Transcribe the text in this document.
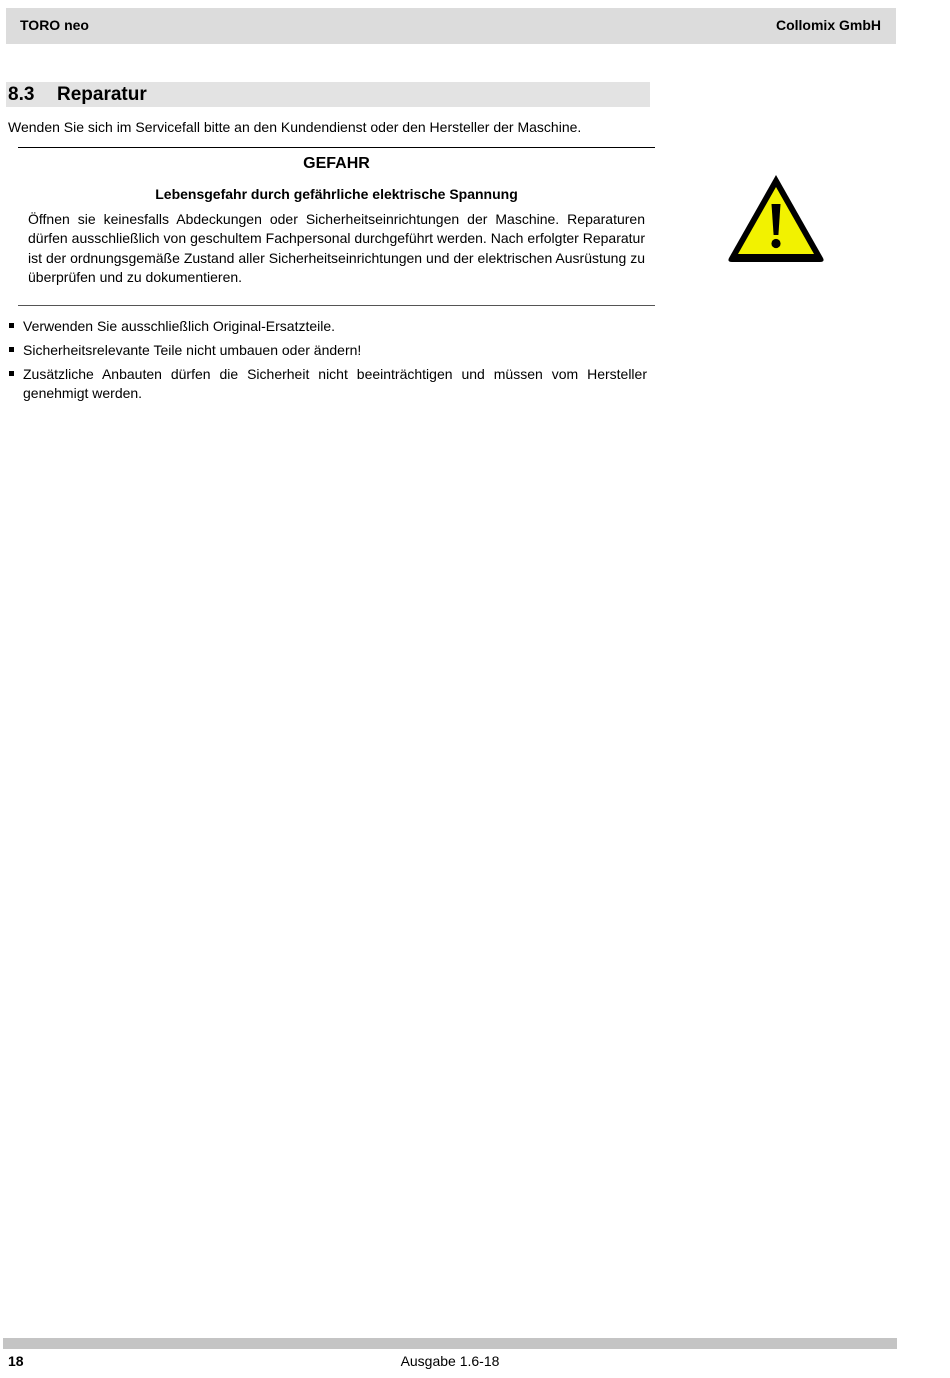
TORO neo	Collomix GmbH
8.3 Reparatur
Wenden Sie sich im Servicefall bitte an den Kundendienst oder den Hersteller der Maschine.
GEFAHR
Lebensgefahr durch gefährliche elektrische Spannung
Öffnen sie keinesfalls Abdeckungen oder Sicherheitseinrichtungen der Maschine. Reparaturen dürfen ausschließlich von geschultem Fachpersonal durchgeführt werden. Nach erfolgter Reparatur ist der ordnungsgemäße Zustand aller Sicherheitseinrichtungen und der elektrischen Ausrüstung zu überprüfen und zu dokumentieren.
Verwenden Sie ausschließlich Original-Ersatzteile.
Sicherheitsrelevante Teile nicht umbauen oder ändern!
Zusätzliche Anbauten dürfen die Sicherheit nicht beeinträchtigen und müssen vom Hersteller genehmigt werden.
18	Ausgabe 1.6-18
